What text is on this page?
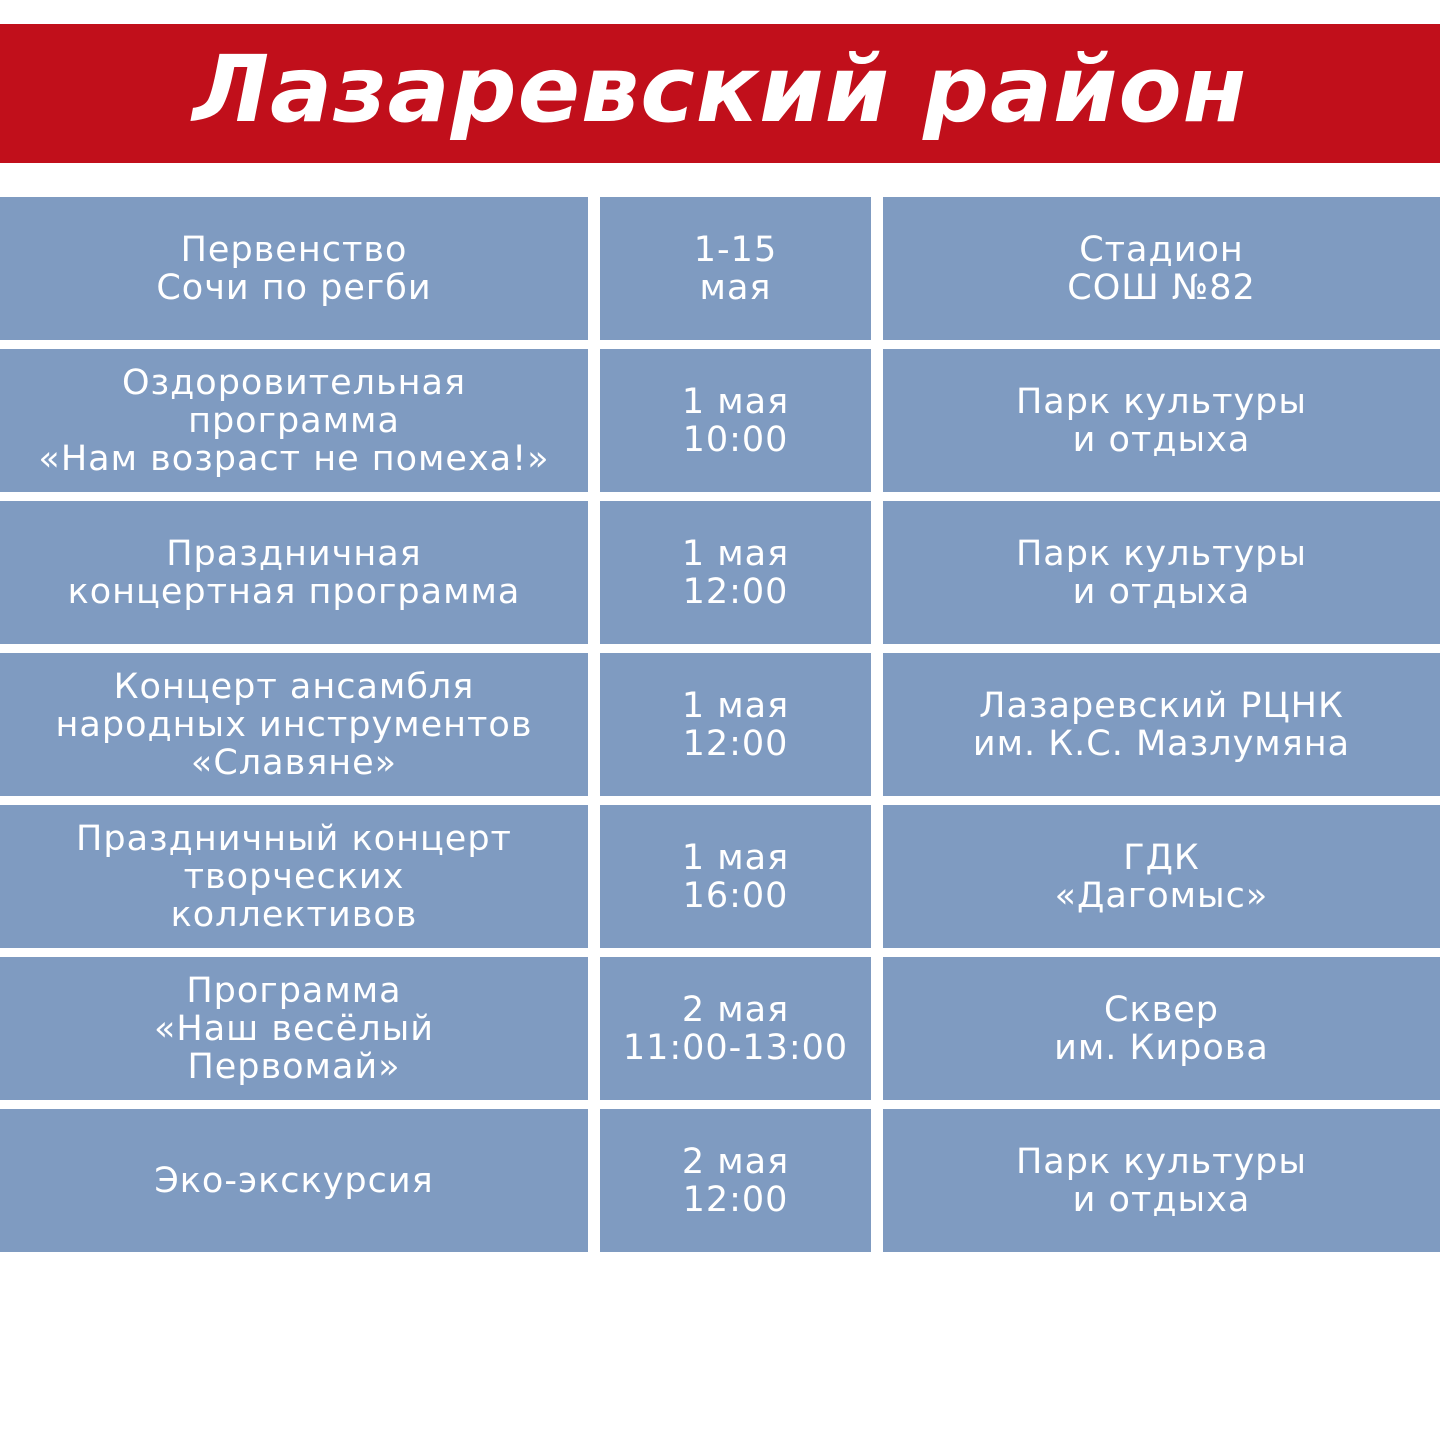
Лазаревский район
Первенство
Сочи по регби
1-15
мая
Стадион
СОШ №82
Оздоровительная
программа
«Нам возраст не помеха!»
1 мая
10:00
Парк культуры
и отдыха
Праздничная
концертная программа
1 мая
12:00
Парк культуры
и отдыха
Концерт ансамбля
народных инструментов
«Славяне»
1 мая
12:00
Лазаревский РЦНК
им. К.С. Мазлумяна
Праздничный концерт
творческих
коллективов
1 мая
16:00
ГДК
«Дагомыс»
Программа
«Наш весёлый
Первомай»
2 мая
11:00-13:00
Сквер
им. Кирова
Эко-экскурсия	2 мая
12:00
Парк культуры
и отдыха
